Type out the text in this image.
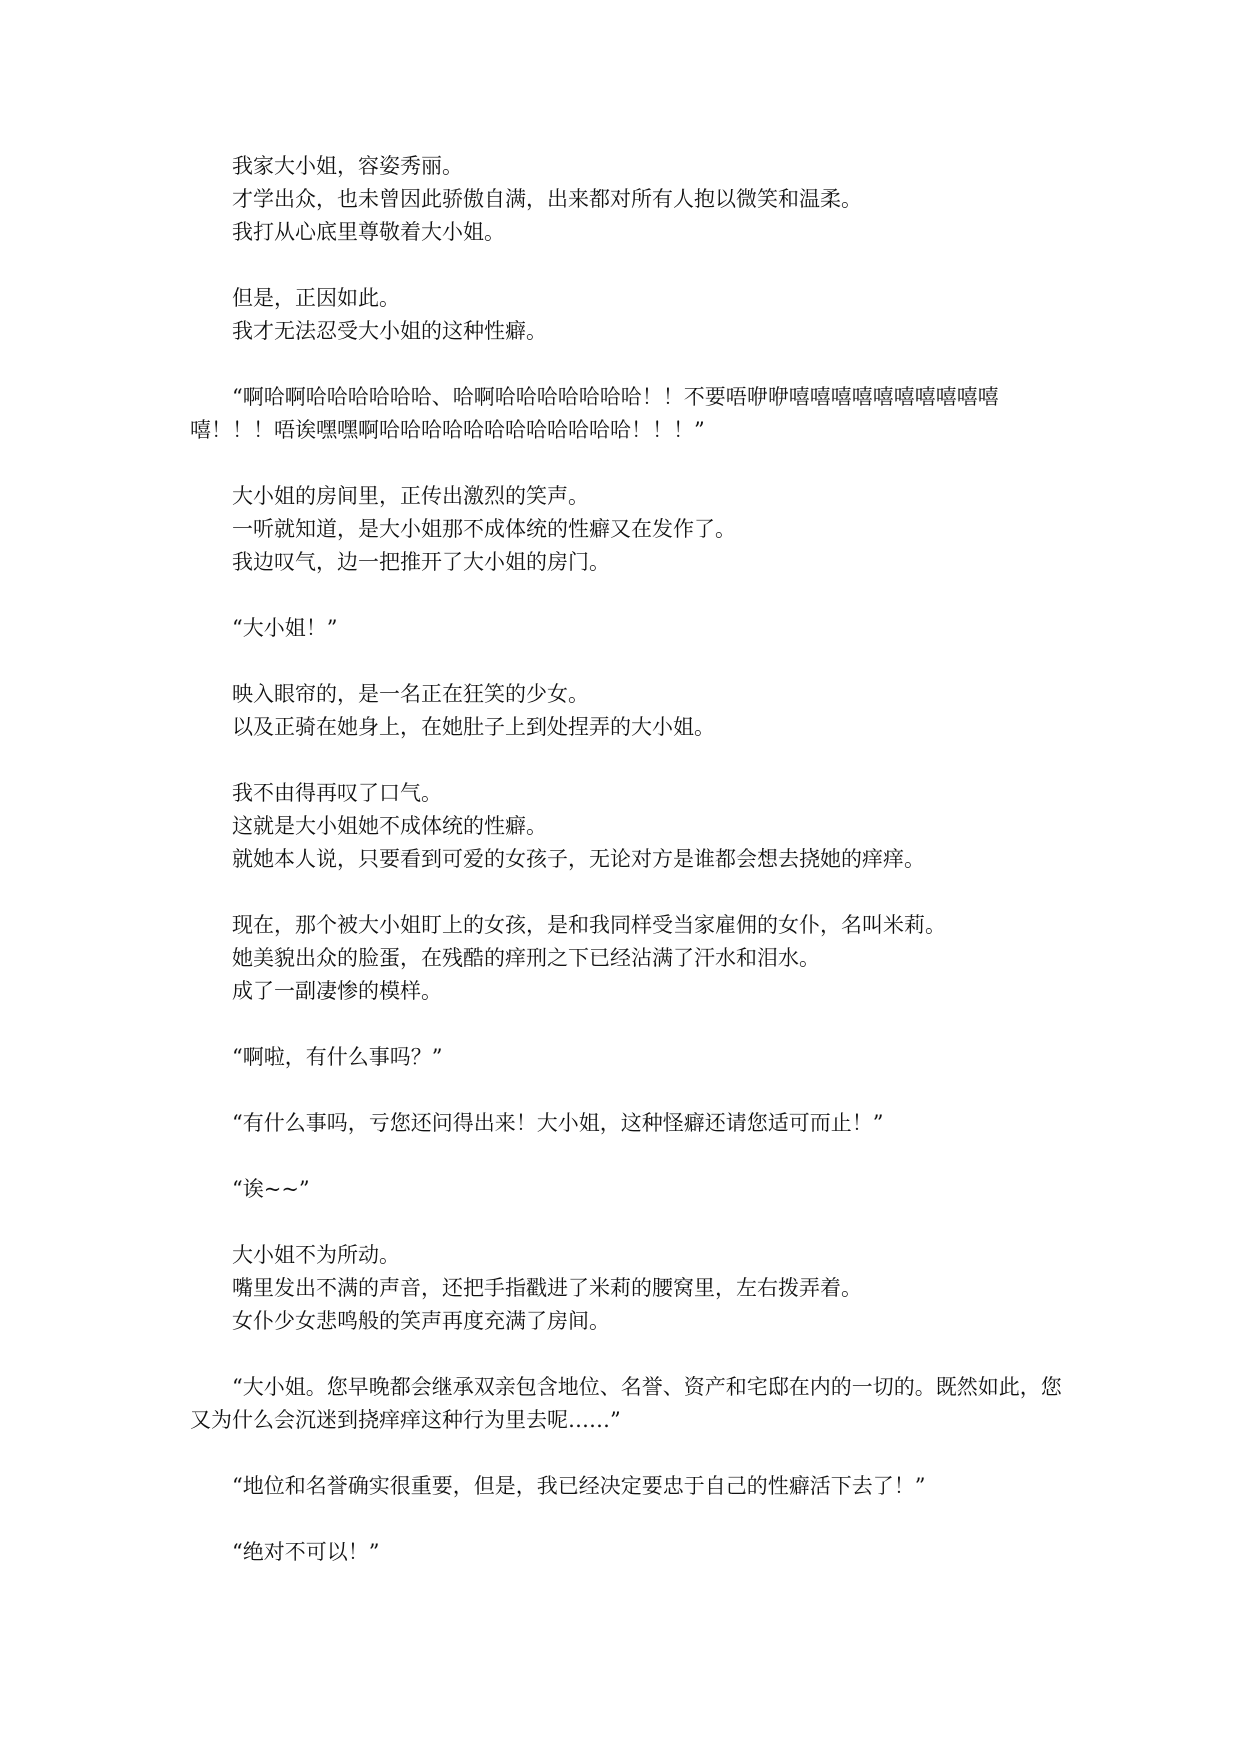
我家大小姐，容姿秀丽。

才学出众，也未曾因此骄傲自满，出来都对所有人抱以微笑和温柔。

我打从心底里尊敬着大小姐。

但是，正因如此。

我才无法忍受大小姐的这种性癖。

“啊哈啊哈哈哈哈哈哈、哈啊哈哈哈哈哈哈哈！！不要唔咿咿嘻嘻嘻嘻嘻嘻嘻嘻嘻嘻嘻！！！唔诶嘿嘿啊哈哈哈哈哈哈哈哈哈哈哈哈！！！”

大小姐的房间里，正传出激烈的笑声。

一听就知道，是大小姐那不成体统的性癖又在发作了。

我边叹气，边一把推开了大小姐的房门。

“大小姐！”

映入眼帘的，是一名正在狂笑的少女。

以及正骑在她身上，在她肚子上到处捏弄的大小姐。

我不由得再叹了口气。

这就是大小姐她不成体统的性癖。

就她本人说，只要看到可爱的女孩子，无论对方是谁都会想去挠她的痒痒。

现在，那个被大小姐盯上的女孩，是和我同样受当家雇佣的女仆，名叫米莉。

她美貌出众的脸蛋，在残酷的痒刑之下已经沾满了汗水和泪水。

成了一副凄惨的模样。

“啊啦，有什么事吗？”

“有什么事吗，亏您还问得出来！大小姐，这种怪癖还请您适可而止！”

“诶~~”

大小姐不为所动。

嘴里发出不满的声音，还把手指戳进了米莉的腰窝里，左右拨弄着。

女仆少女悲鸣般的笑声再度充满了房间。

“大小姐。您早晚都会继承双亲包含地位、名誉、资产和宅邸在内的一切的。既然如此，您又为什么会沉迷到挠痒痒这种行为里去呢……”

“地位和名誉确实很重要，但是，我已经决定要忠于自己的性癖活下去了！”

“绝对不可以！”
